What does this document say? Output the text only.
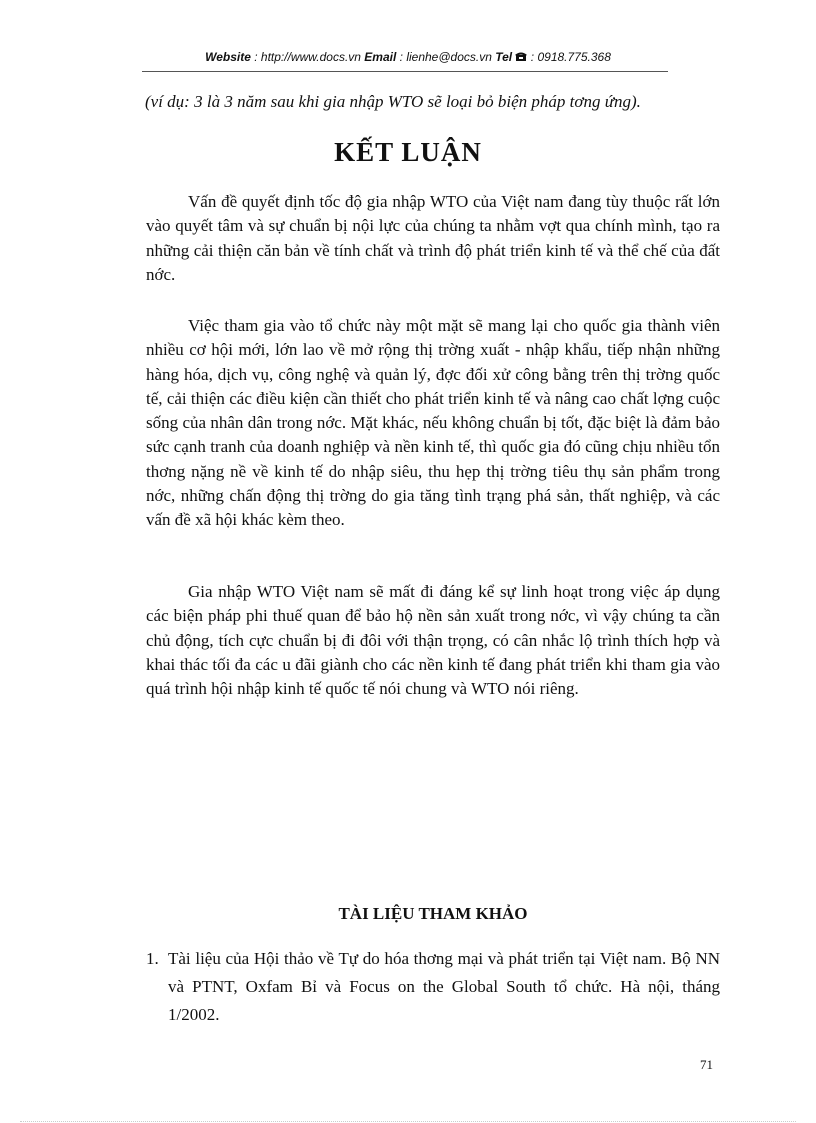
Website : http://www.docs.vn Email : lienhe@docs.vn Tel  : 0918.775.368
(ví dụ: 3 là 3 năm sau khi gia nhập WTO sẽ loại bỏ biện pháp tơng ứng).
KẾT LUẬN

Vấn đề quyết định tốc độ gia nhập WTO của Việt nam đang tùy thuộc rất lớn vào quyết tâm và sự chuẩn bị nội lực của chúng ta nhằm vợt qua chính mình, tạo ra những cải thiện căn bản về tính chất và trình độ phát triển kinh tế và thể chế của đất nớc.

Việc tham gia vào tổ chức này một mặt sẽ mang lại cho quốc gia thành viên nhiều cơ hội mới, lớn lao về mở rộng thị trờng xuất - nhập khẩu, tiếp nhận những hàng hóa, dịch vụ, công nghệ và quản lý, đợc đối xử công bằng trên thị trờng quốc tế, cải thiện các điều kiện cần thiết cho phát triển kinh tế và nâng cao chất lợng cuộc sống của nhân dân trong nớc. Mặt khác, nếu không chuẩn bị tốt, đặc biệt là đảm bảo sức cạnh tranh của doanh nghiệp và nền kinh tế, thì quốc gia đó cũng chịu nhiều tổn thơng nặng nề về kinh tế do nhập siêu, thu hẹp thị trờng tiêu thụ sản phẩm trong nớc, những chấn động thị trờng do gia tăng tình trạng phá sản, thất nghiệp, và các vấn đề xã hội khác kèm theo.

Gia nhập WTO Việt nam sẽ mất đi đáng kể sự linh hoạt trong việc áp dụng các biện pháp phi thuế quan để bảo hộ nền sản xuất trong nớc, vì vậy chúng ta cần chủ động, tích cực chuẩn bị đi đôi với thận trọng, có cân nhắc lộ trình thích hợp và khai thác tối đa các u đãi giành cho các nền kinh tế đang phát triển khi tham gia vào quá trình hội nhập kinh tế quốc tế nói chung và WTO nói riêng.

TÀI LIỆU THAM KHẢO
1. Tài liệu của Hội thảo về Tự do hóa thơng mại và phát triển tại Việt nam. Bộ NN và PTNT, Oxfam Bỉ và Focus on the Global South tổ chức. Hà nội, tháng 1/2002.
71
